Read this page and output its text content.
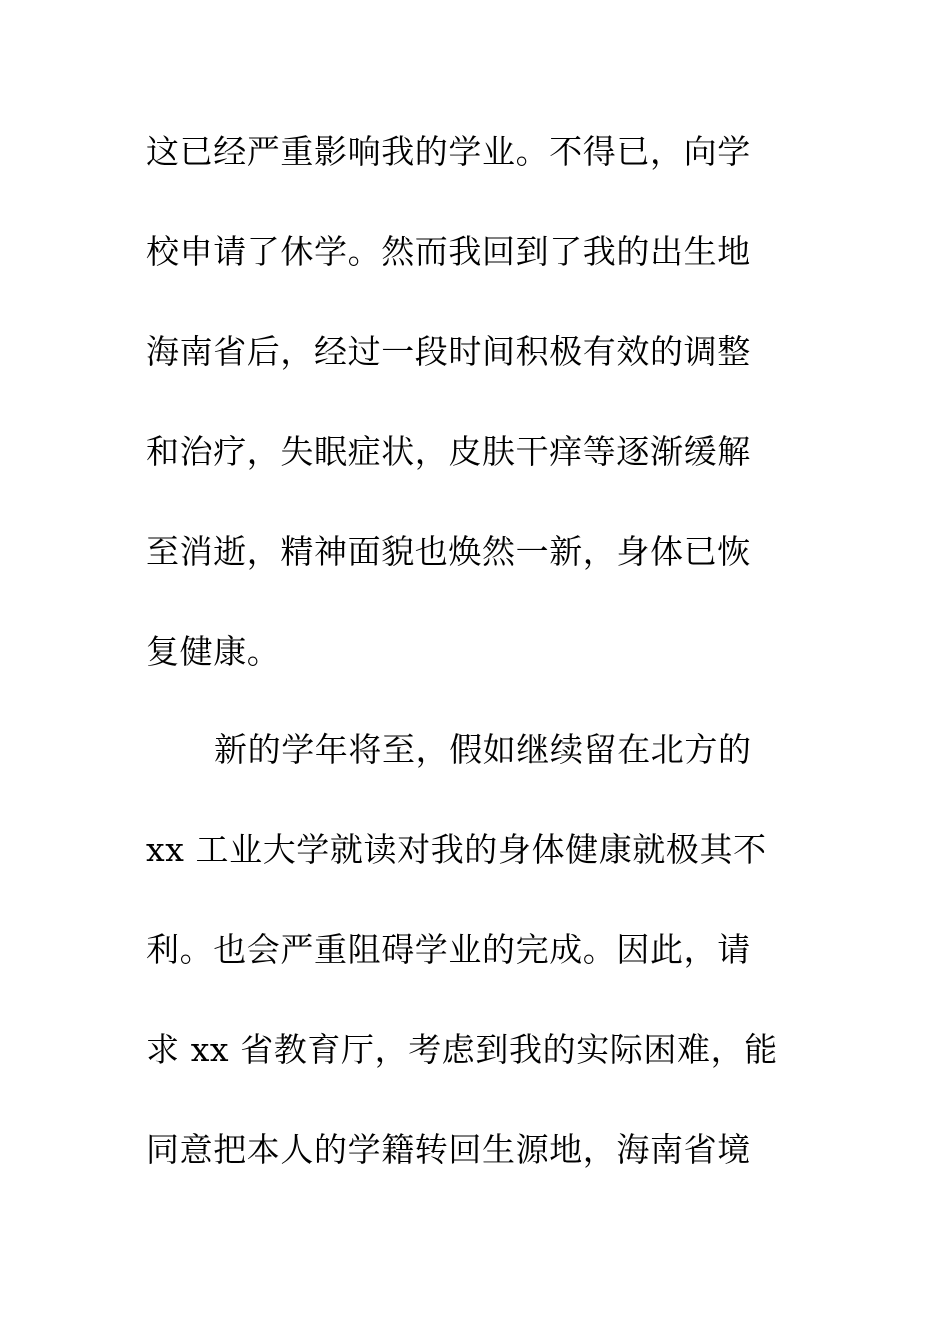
这已经严重影响我的学业。不得已，向学
校申请了休学。然而我回到了我的出生地
海南省后，经过一段时间积极有效的调整
和治疗，失眠症状，皮肤干痒等逐渐缓解
至消逝，精神面貌也焕然一新，身体已恢
复健康。
新的学年将至，假如继续留在北方的
xx 工业大学就读对我的身体健康就极其不
利。也会严重阻碍学业的完成。因此，请
求 xx 省教育厅，考虑到我的实际困难，能
同意把本人的学籍转回生源地，海南省境
